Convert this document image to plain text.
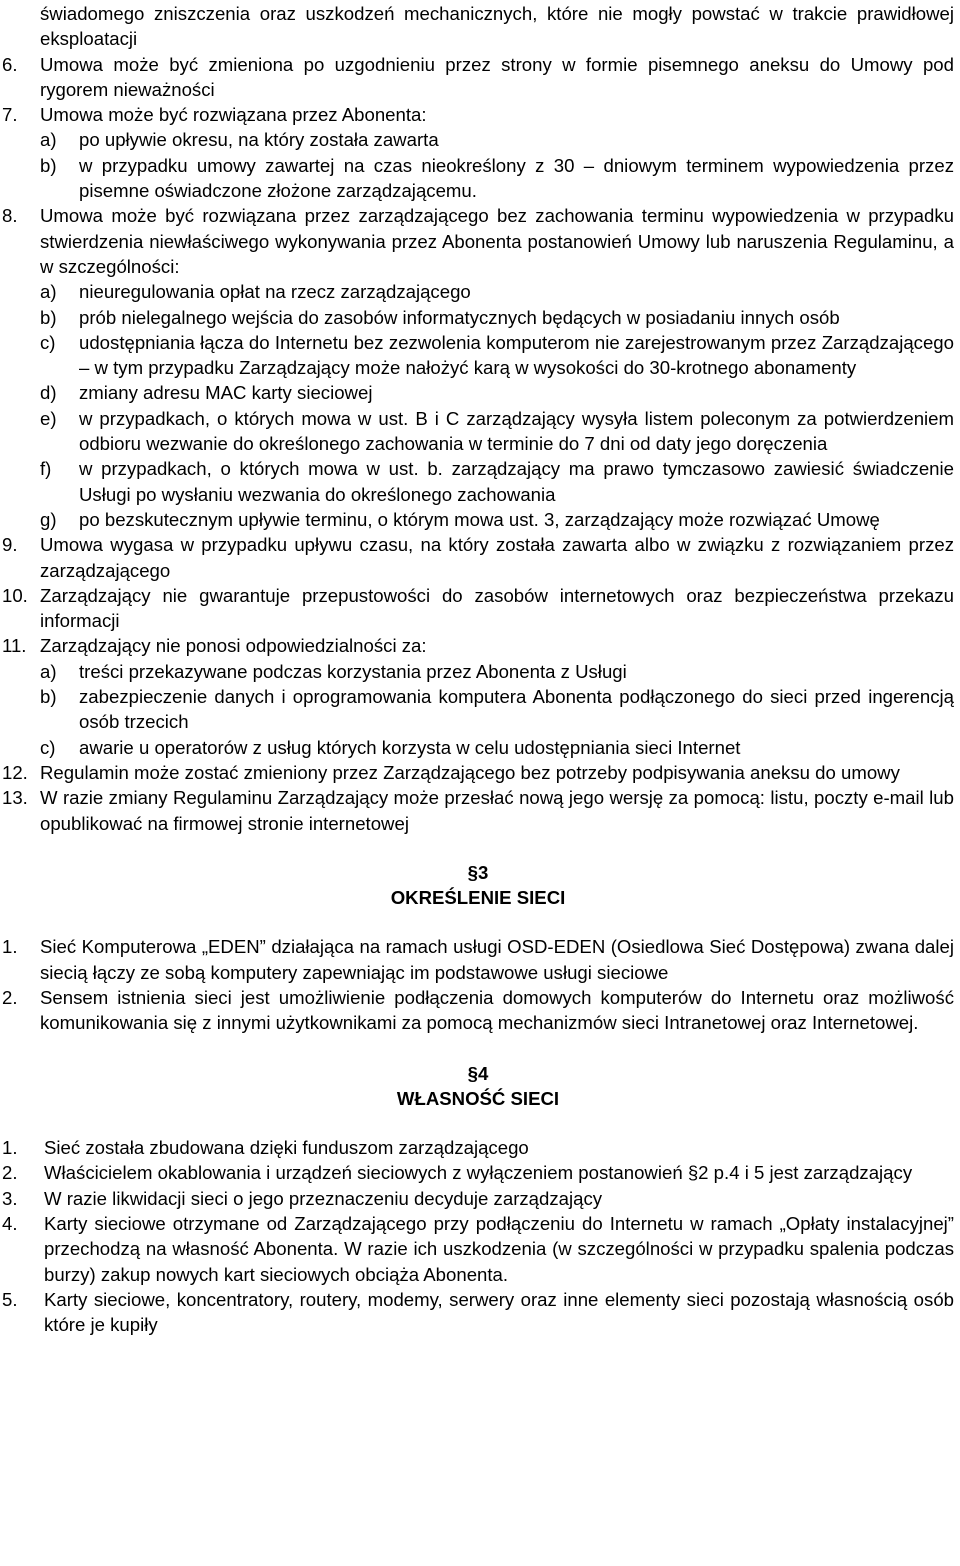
świadomego zniszczenia oraz uszkodzeń mechanicznych, które nie mogły powstać w trakcie prawidłowej eksploatacji
6.	Umowa może być zmieniona po uzgodnieniu przez strony w formie pisemnego aneksu do Umowy pod rygorem nieważności
7.	Umowa może być rozwiązana przez Abonenta:
a)	po upływie okresu, na który została zawarta
b)	w przypadku umowy zawartej na czas nieokreślony z 30 – dniowym terminem wypowiedzenia przez pisemne oświadczone złożone zarządzającemu.
8.	Umowa może być rozwiązana przez zarządzającego bez zachowania terminu wypowiedzenia w przypadku stwierdzenia niewłaściwego wykonywania przez Abonenta postanowień Umowy lub naruszenia Regulaminu, a w szczególności:
a)	nieuregulowania opłat na rzecz zarządzającego
b)	prób nielegalnego wejścia do zasobów informatycznych będących w posiadaniu innych osób
c)	udostępniania łącza do Internetu bez zezwolenia komputerom nie zarejestrowanym przez Zarządzającego – w tym przypadku Zarządzający może nałożyć karą w wysokości do 30-krotnego abonamenty
d)	zmiany adresu MAC karty sieciowej
e)	w przypadkach, o których mowa w ust. B i C zarządzający wysyła listem poleconym za potwierdzeniem odbioru wezwanie do określonego zachowania w terminie do 7 dni od daty jego doręczenia
f)	w przypadkach, o których mowa w ust. b. zarządzający ma prawo tymczasowo zawiesić świadczenie Usługi po wysłaniu wezwania do określonego zachowania
g)	po bezskutecznym upływie terminu, o którym mowa ust. 3, zarządzający może rozwiązać Umowę
9.	Umowa wygasa w przypadku upływu czasu, na który została zawarta albo w związku z rozwiązaniem przez zarządzającego
10. Zarządzający nie gwarantuje przepustowości do zasobów internetowych oraz bezpieczeństwa przekazu informacji
11. Zarządzający nie ponosi odpowiedzialności za:
a)	treści przekazywane podczas korzystania przez Abonenta z Usługi
b)	zabezpieczenie danych i oprogramowania komputera Abonenta podłączonego do sieci przed ingerencją osób trzecich
c)	awarie u operatorów z usług których korzysta w celu udostępniania sieci Internet
12. Regulamin może zostać zmieniony przez Zarządzającego bez potrzeby podpisywania aneksu do umowy
13. W razie zmiany Regulaminu Zarządzający może przesłać nową jego wersję za pomocą: listu, poczty e-mail lub opublikować na firmowej stronie internetowej
§3
OKREŚLENIE SIECI
1.	Sieć Komputerowa „EDEN” działająca na ramach usługi OSD-EDEN (Osiedlowa Sieć Dostępowa) zwana dalej siecią łączy ze sobą komputery zapewniając im podstawowe usługi sieciowe
2.	Sensem istnienia sieci jest umożliwienie podłączenia domowych komputerów do Internetu oraz możliwość komunikowania się z innymi użytkownikami za pomocą mechanizmów sieci Intranetowej oraz Internetowej.
§4
WŁASNOŚĆ SIECI
1.	Sieć została zbudowana dzięki funduszom zarządzającego
2.	Właścicielem okablowania i urządzeń sieciowych z wyłączeniem postanowień §2 p.4 i 5 jest zarządzający
3.	W razie likwidacji sieci o jego przeznaczeniu decyduje zarządzający
4.	Karty sieciowe otrzymane od Zarządzającego przy podłączeniu do Internetu w ramach „Opłaty instalacyjnej” przechodzą na własność Abonenta. W razie ich uszkodzenia (w szczególności w przypadku spalenia podczas burzy) zakup nowych kart sieciowych obciąża Abonenta.
5.	Karty sieciowe, koncentratory, routery, modemy, serwery oraz inne elementy sieci pozostają własnością osób które je kupiły
